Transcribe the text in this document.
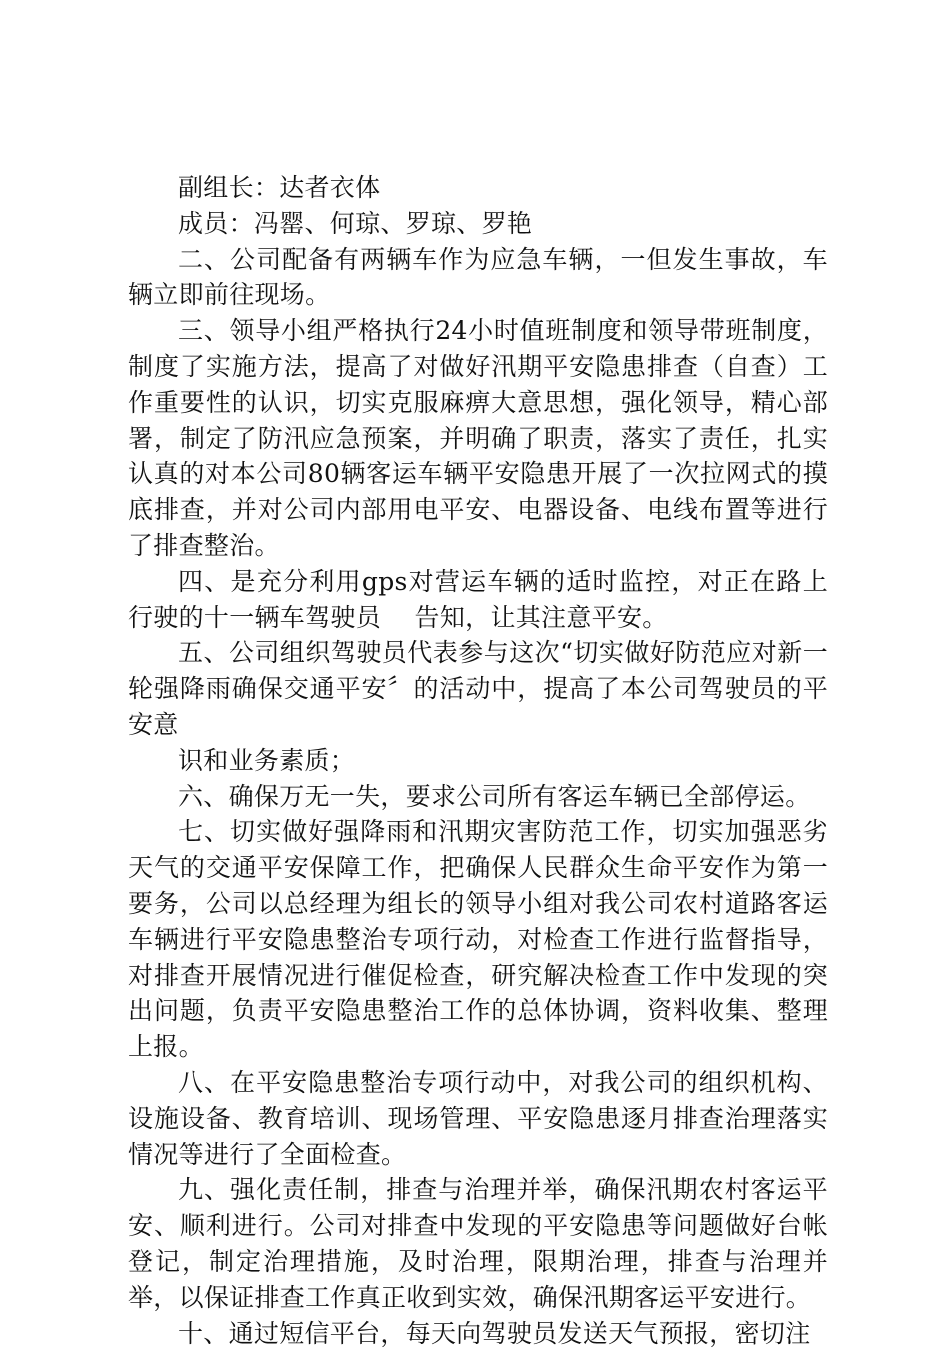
副组长：达者衣体

成员：冯罂、何琼、罗琼、罗艳

二、公司配备有两辆车作为应急车辆，一但发生事故，车辆立即前往现场。

三、领导小组严格执行24小时值班制度和领导带班制度，制度了实施方法，提高了对做好汛期平安隐患排查（自查）工作重要性的认识，切实克服麻痹大意思想，强化领导，精心部署，制定了防汛应急预案，并明确了职责，落实了责任，扎实认真的对本公司80辆客运车辆平安隐患开展了一次拉网式的摸底排查，并对公司内部用电平安、电器设备、电线布置等进行了排查整治。

四、是充分利用gps对营运车辆的适时监控，对正在路上行驶的十一辆车驾驶员　 告知，让其注意平安。

五、公司组织驾驶员代表参与这次“切实做好防范应对新一轮强降雨确保交通平安〞的活动中，提高了本公司驾驶员的平安意

识和业务素质；

六、确保万无一失，要求公司所有客运车辆已全部停运。

七、切实做好强降雨和汛期灾害防范工作，切实加强恶劣天气的交通平安保障工作，把确保人民群众生命平安作为第一要务，公司以总经理为组长的领导小组对我公司农村道路客运车辆进行平安隐患整治专项行动，对检查工作进行监督指导，对排查开展情况进行催促检查，研究解决检查工作中发现的突出问题，负责平安隐患整治工作的总体协调，资料收集、整理上报。

八、在平安隐患整治专项行动中，对我公司的组织机构、设施设备、教育培训、现场管理、平安隐患逐月排查治理落实情况等进行了全面检查。

九、强化责任制，排查与治理并举，确保汛期农村客运平安、顺利进行。公司对排查中发现的平安隐患等问题做好台帐登记，制定治理措施，及时治理，限期治理，排查与治理并举，以保证排查工作真正收到实效，确保汛期客运平安进行。

十、通过短信平台，每天向驾驶员发送天气预报，密切注
